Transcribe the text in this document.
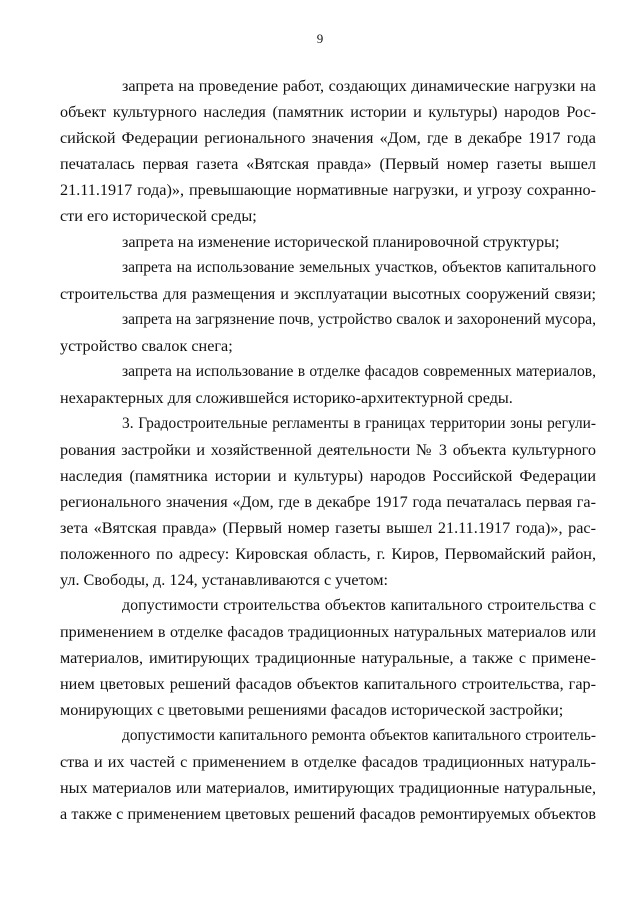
9
запрета на проведение работ, создающих динамические нагрузки на
объект культурного наследия (памятник истории и культуры) народов Рос-
сийской Федерации регионального значения «Дом, где в декабре 1917 года
печаталась первая газета «Вятская правда» (Первый номер газеты вышел
21.11.1917 года)», превышающие нормативные нагрузки, и угрозу сохранно-
сти его исторической среды;
запрета на изменение исторической планировочной структуры;
запрета на использование земельных участков, объектов капитального
строительства для размещения и эксплуатации высотных сооружений связи;
запрета на загрязнение почв, устройство свалок и захоронений мусора,
устройство свалок снега;
запрета на использование в отделке фасадов современных материалов,
нехарактерных для сложившейся историко-архитектурной среды.
3. Градостроительные регламенты в границах территории зоны регули-
рования застройки и хозяйственной деятельности № 3 объекта культурного
наследия (памятника истории и культуры) народов Российской Федерации
регионального значения «Дом, где в декабре 1917 года печаталась первая га-
зета «Вятская правда» (Первый номер газеты вышел 21.11.1917 года)», рас-
положенного по адресу: Кировская область, г. Киров, Первомайский район,
ул. Свободы, д. 124, устанавливаются с учетом:
допустимости строительства объектов капитального строительства с
применением в отделке фасадов традиционных натуральных материалов или
материалов, имитирующих традиционные натуральные, а также с примене-
нием цветовых решений фасадов объектов капитального строительства, гар-
монирующих с цветовыми решениями фасадов исторической застройки;
допустимости капитального ремонта объектов капитального строитель-
ства и их частей с применением в отделке фасадов традиционных натураль-
ных материалов или материалов, имитирующих традиционные натуральные,
а также с применением цветовых решений фасадов ремонтируемых объектов
